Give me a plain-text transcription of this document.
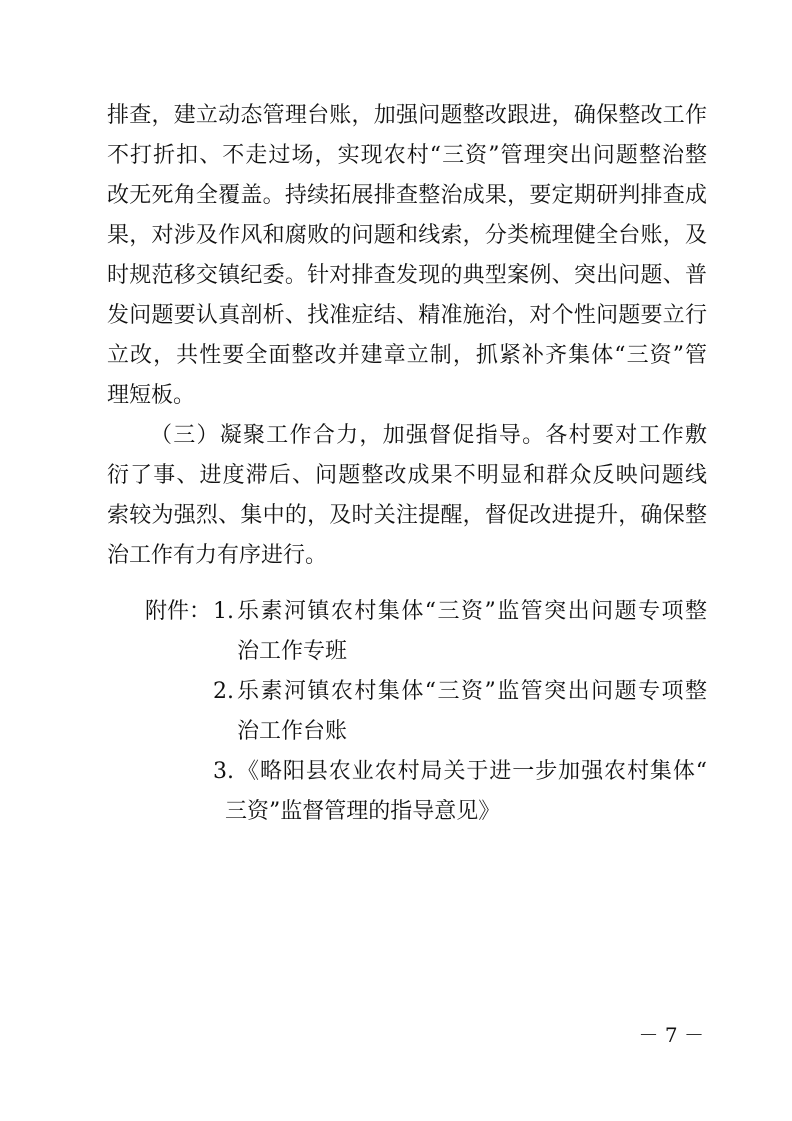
排查，建立动态管理台账，加强问题整改跟进，确保整改工作
不打折扣、不走过场，实现农村“三资”管理突出问题整治整
改无死角全覆盖。持续拓展排查整治成果，要定期研判排查成
果，对涉及作风和腐败的问题和线索，分类梳理健全台账，及
时规范移交镇纪委。针对排查发现的典型案例、突出问题、普
发问题要认真剖析、找准症结、精准施治，对个性问题要立行
立改，共性要全面整改并建章立制，抓紧补齐集体“三资”管
理短板。
（三）凝聚工作合力，加强督促指导。各村要对工作敷
衍了事、进度滞后、问题整改成果不明显和群众反映问题线
索较为强烈、集中的，及时关注提醒，督促改进提升，确保整
治工作有力有序进行。
附件： 1. 乐素河镇农村集体“三资”监管突出问题专项整
治工作专班
2. 乐素河镇农村集体“三资”监管突出问题专项整
治工作台账
3. 《略阳县农业农村局关于进一步加强农村集体“
三资”监督管理的指导意见》
－ 7 －
